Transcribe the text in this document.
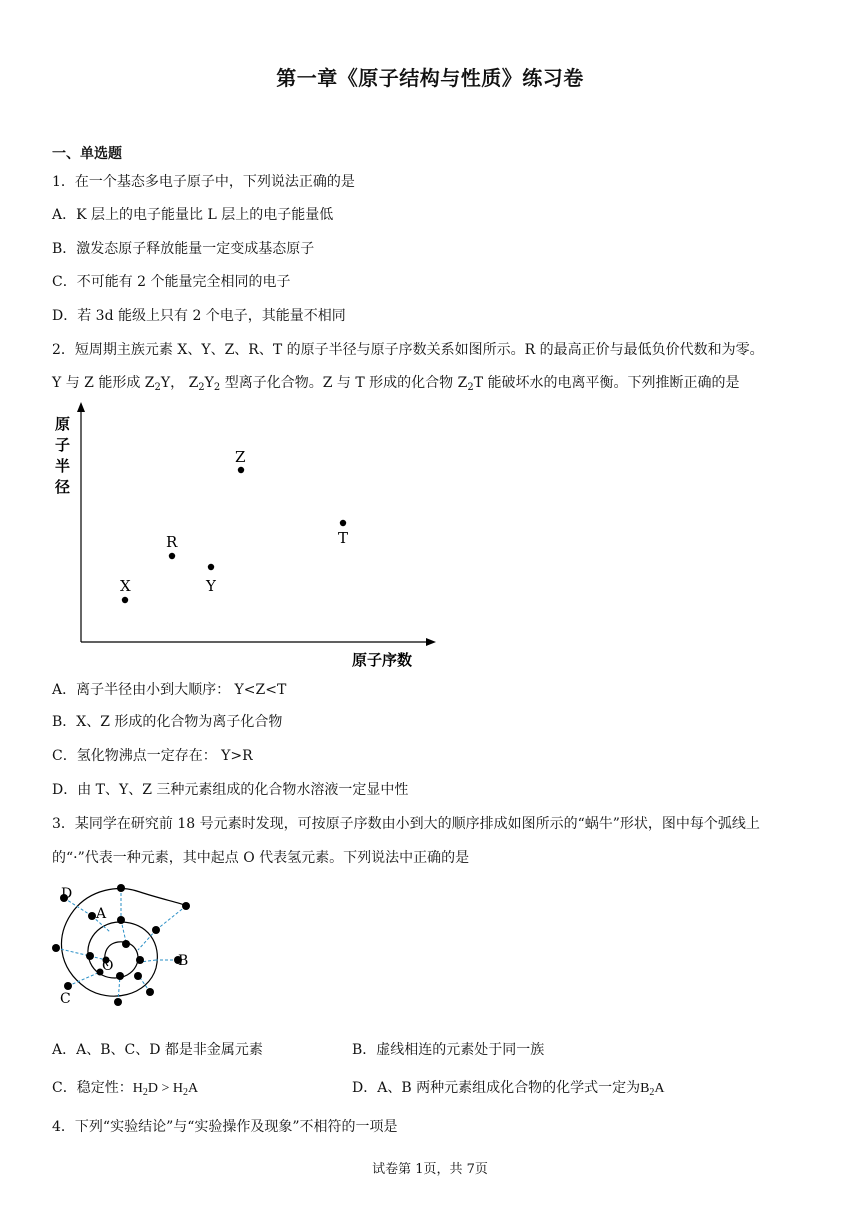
第一章《原子结构与性质》练习卷
一、单选题
1．在一个基态多电子原子中，下列说法正确的是
A．K 层上的电子能量比 L 层上的电子能量低
B．激发态原子释放能量一定变成基态原子
C．不可能有 2 个能量完全相同的电子
D．若 3d 能级上只有 2 个电子，其能量不相同
2．短周期主族元素 X、Y、Z、R、T 的原子半径与原子序数关系如图所示。R 的最高正价与最低负价代数和为零。
Y 与 Z 能形成 $Z_2Y$， $Z_2Y_2$ 型离子化合物。Z 与 T 形成的化合物 $Z_2T$ 能破坏水的电离平衡。下列推断正确的是
原
子
半
径
原子序数
X
R
Y
Z
T
A．离子半径由小到大顺序： Y<Z<T
B．X、Z 形成的化合物为离子化合物
C．氢化物沸点一定存在： Y>R
D．由 T、Y、Z 三种元素组成的化合物水溶液一定显中性
3．某同学在研究前 18 号元素时发现，可按原子序数由小到大的顺序排成如图所示的“蜗牛”形状，图中每个弧线上
的“·”代表一种元素，其中起点 O 代表氢元素。下列说法中正确的是
D
A
B
O
C
A．A、B、C、D 都是非金属元素	B．虚线相连的元素处于同一族
C．稳定性：$H_2D > H_2A$	D．A、B 两种元素组成化合物的化学式一定为$B_2A$
4．下列“实验结论”与“实验操作及现象”不相符的一项是
试卷第 1页，共 7页
